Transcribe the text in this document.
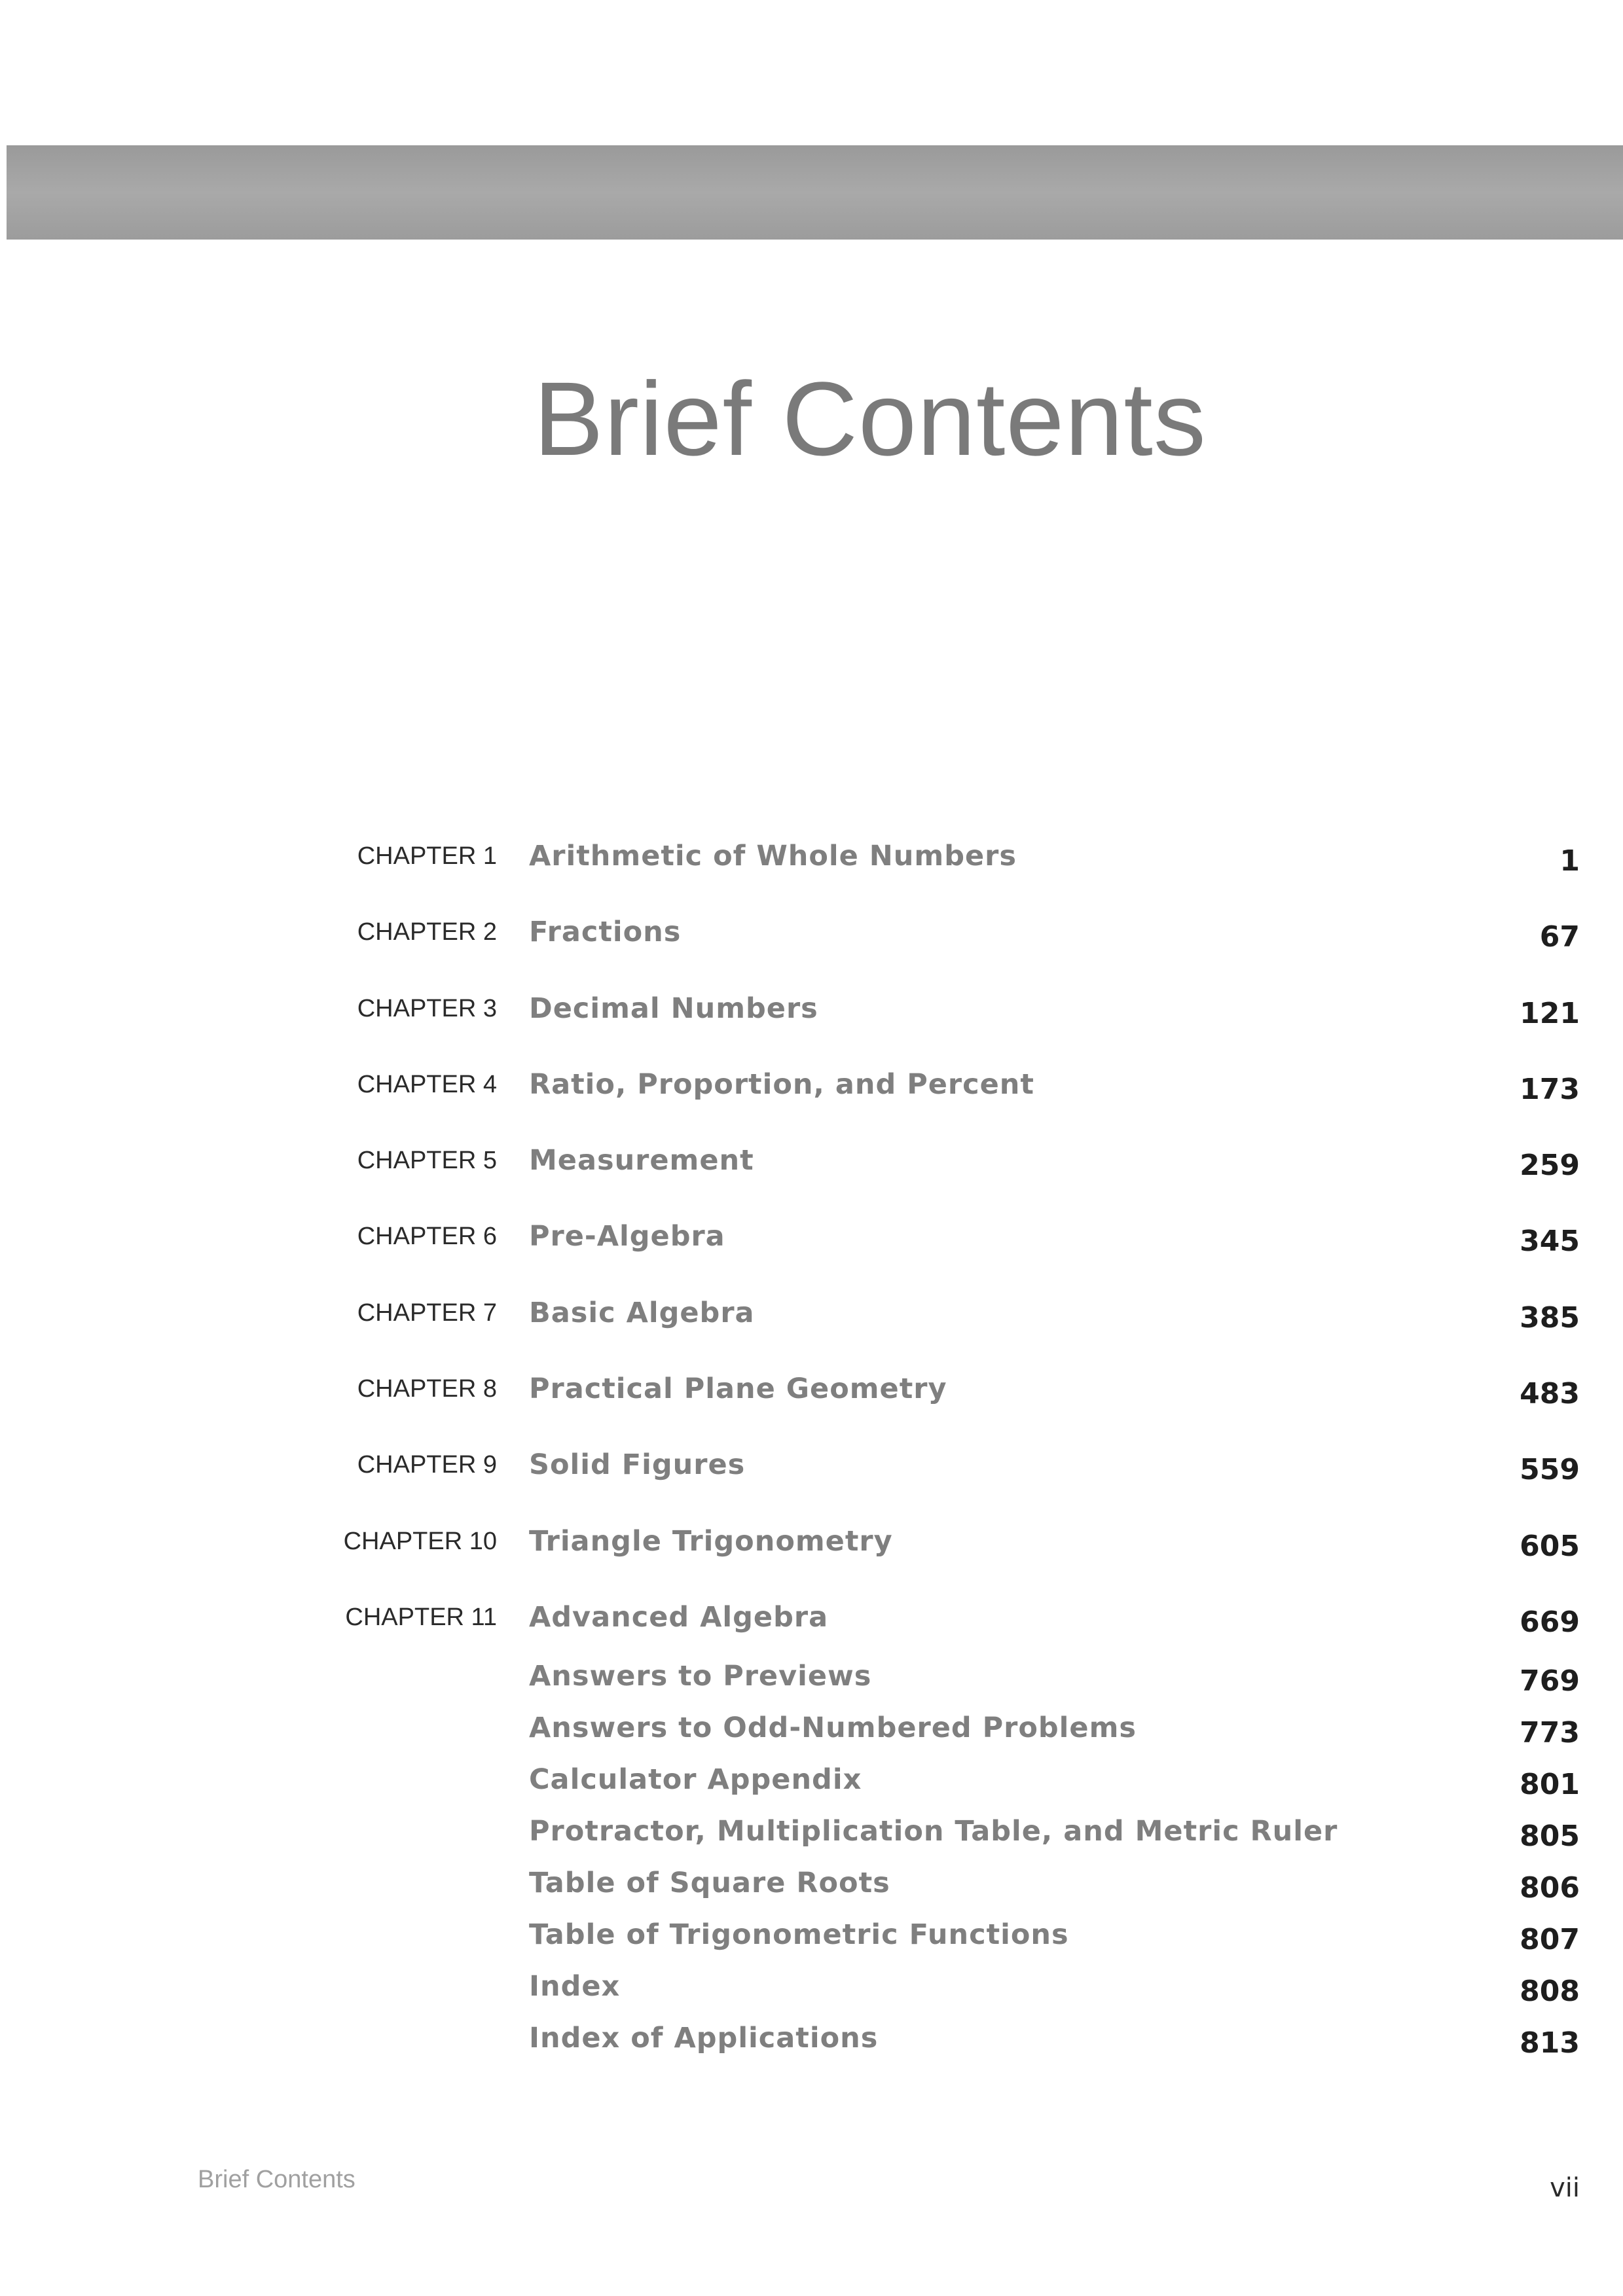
Brief Contents
CHAPTER 1 Arithmetic of Whole Numbers	1
CHAPTER 2 Fractions	67
CHAPTER 3 Decimal Numbers	121
CHAPTER 4 Ratio, Proportion, and Percent	173
CHAPTER 5 Measurement	259
CHAPTER 6 Pre-Algebra	345
CHAPTER 7 Basic Algebra	385
CHAPTER 8 Practical Plane Geometry	483
CHAPTER 9 Solid Figures	559
CHAPTER 10 Triangle Trigonometry	605
CHAPTER 11 Advanced Algebra	669
Answers to Previews	769
Answers to Odd-Numbered Problems	773
Calculator Appendix	801
Protractor, Multiplication Table, and Metric Ruler	805
Table of Square Roots	806
Table of Trigonometric Functions	807
Index	808
Index of Applications	813
Brief Contents	vii
